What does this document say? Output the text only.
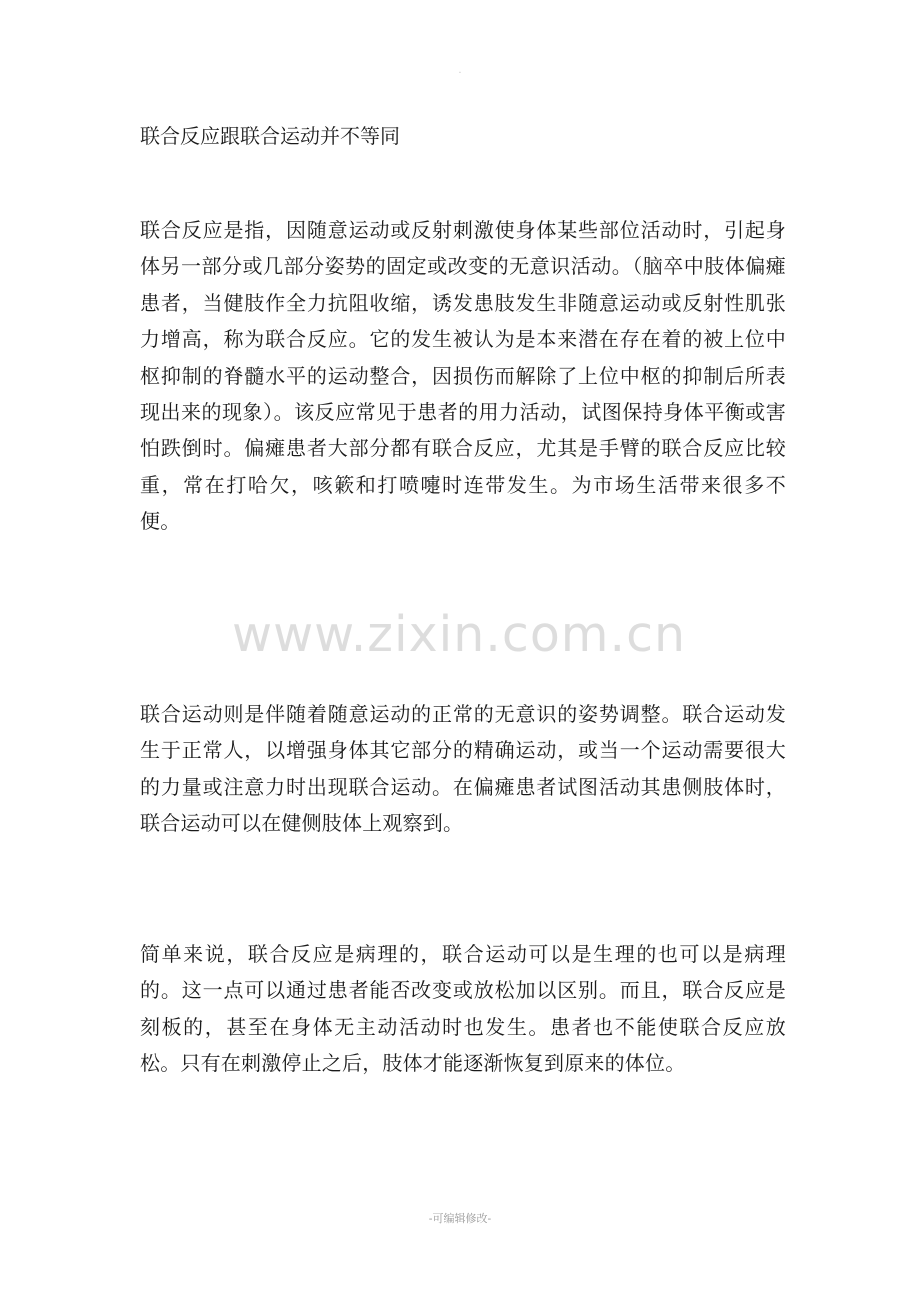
.
联合反应跟联合运动并不等同

联合反应是指，因随意运动或反射刺激使身体某些部位活动时，引起身体另一部分或几部分姿势的固定或改变的无意识活动。（脑卒中肢体偏瘫患者，当健肢作全力抗阻收缩，诱发患肢发生非随意运动或反射性肌张力增高，称为联合反应。它的发生被认为是本来潜在存在着的被上位中枢抑制的脊髓水平的运动整合，因损伤而解除了上位中枢的抑制后所表现出来的现象）。该反应常见于患者的用力活动，试图保持身体平衡或害怕跌倒时。偏瘫患者大部分都有联合反应，尤其是手臂的联合反应比较重，常在打哈欠，咳簌和打喷嚏时连带发生。为市场生活带来很多不便。

联合运动则是伴随着随意运动的正常的无意识的姿势调整。联合运动发生于正常人，以增强身体其它部分的精确运动，或当一个运动需要很大的力量或注意力时出现联合运动。在偏瘫患者试图活动其患侧肢体时，联合运动可以在健侧肢体上观察到。

简单来说，联合反应是病理的，联合运动可以是生理的也可以是病理的。这一点可以通过患者能否改变或放松加以区别。而且，联合反应是刻板的，甚至在身体无主动活动时也发生。患者也不能使联合反应放松。只有在刺激停止之后，肢体才能逐渐恢复到原来的体位。

www.zixin.com.cn
-可编辑修改-
